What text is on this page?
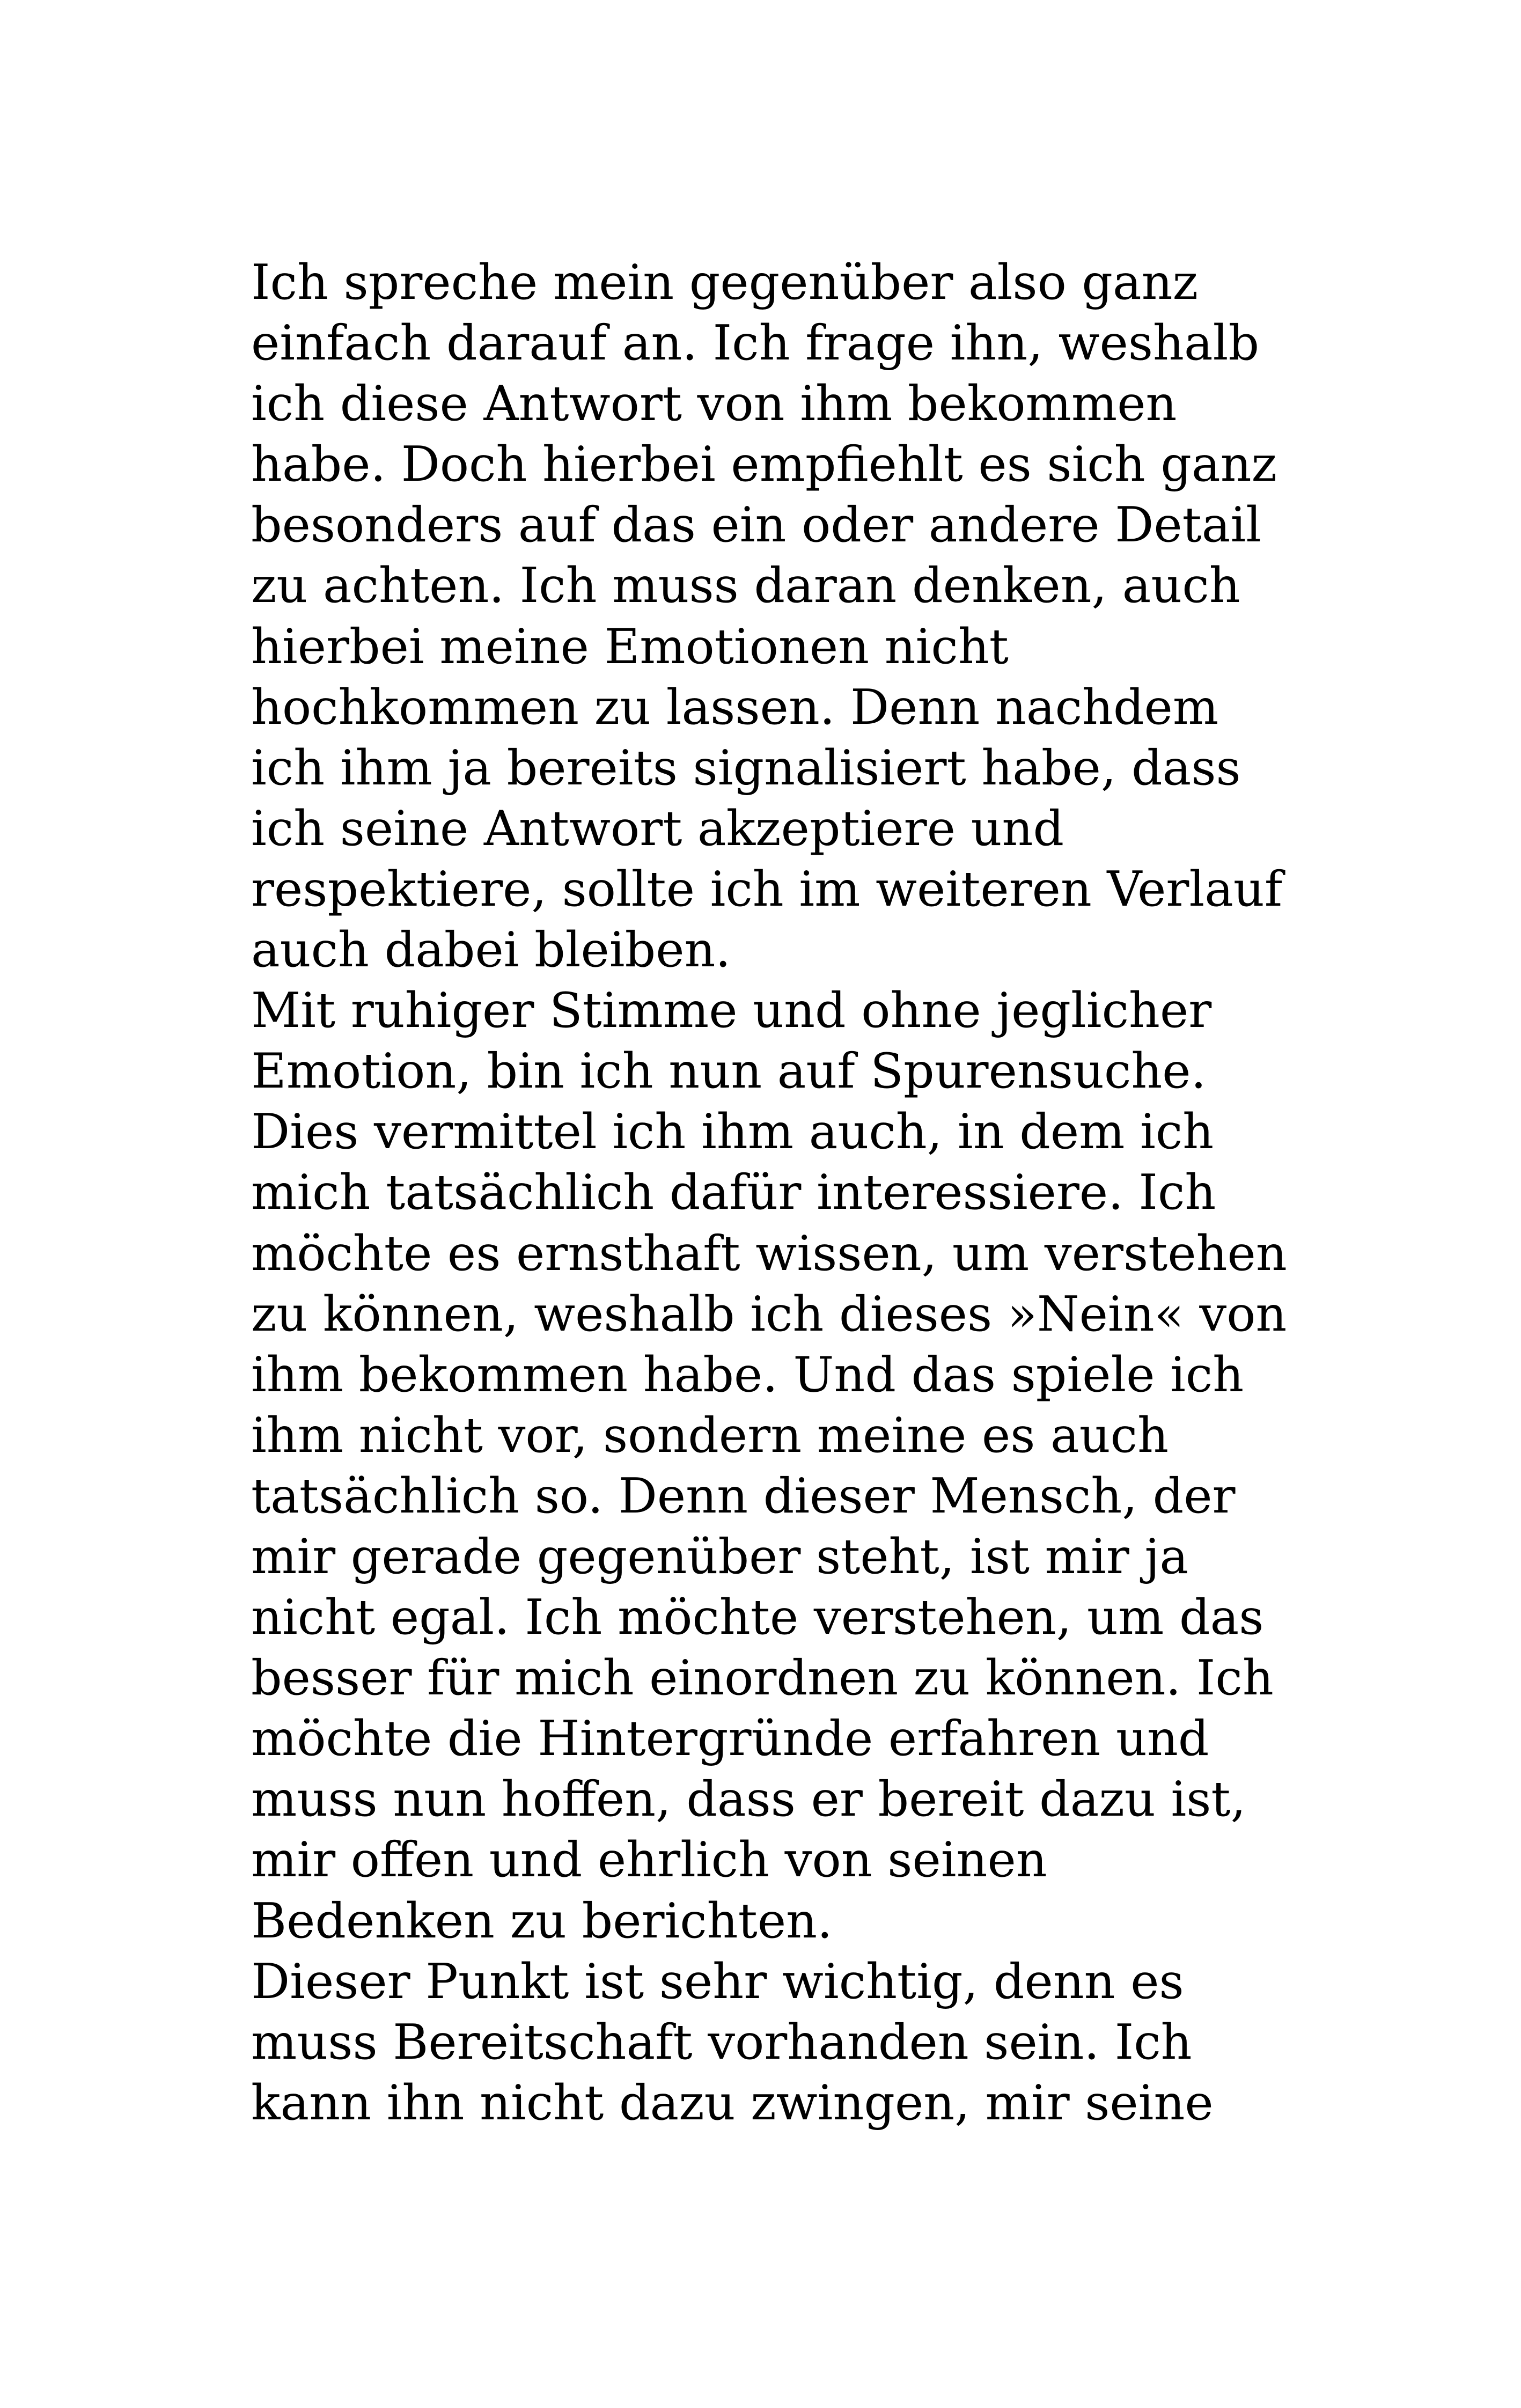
Ich spreche mein gegenüber also ganz
einfach darauf an. Ich frage ihn, weshalb
ich diese Antwort von ihm bekommen
habe. Doch hierbei empfiehlt es sich ganz
besonders auf das ein oder andere Detail
zu achten. Ich muss daran denken, auch
hierbei meine Emotionen nicht
hochkommen zu lassen. Denn nachdem
ich ihm ja bereits signalisiert habe, dass
ich seine Antwort akzeptiere und
respektiere, sollte ich im weiteren Verlauf
auch dabei bleiben.
Mit ruhiger Stimme und ohne jeglicher
Emotion, bin ich nun auf Spurensuche.
Dies vermittel ich ihm auch, in dem ich
mich tatsächlich dafür interessiere. Ich
möchte es ernsthaft wissen, um verstehen
zu können, weshalb ich dieses »Nein« von
ihm bekommen habe. Und das spiele ich
ihm nicht vor, sondern meine es auch
tatsächlich so. Denn dieser Mensch, der
mir gerade gegenüber steht, ist mir ja
nicht egal. Ich möchte verstehen, um das
besser für mich einordnen zu können. Ich
möchte die Hintergründe erfahren und
muss nun hoffen, dass er bereit dazu ist,
mir offen und ehrlich von seinen
Bedenken zu berichten.
Dieser Punkt ist sehr wichtig, denn es
muss Bereitschaft vorhanden sein. Ich
kann ihn nicht dazu zwingen, mir seine
